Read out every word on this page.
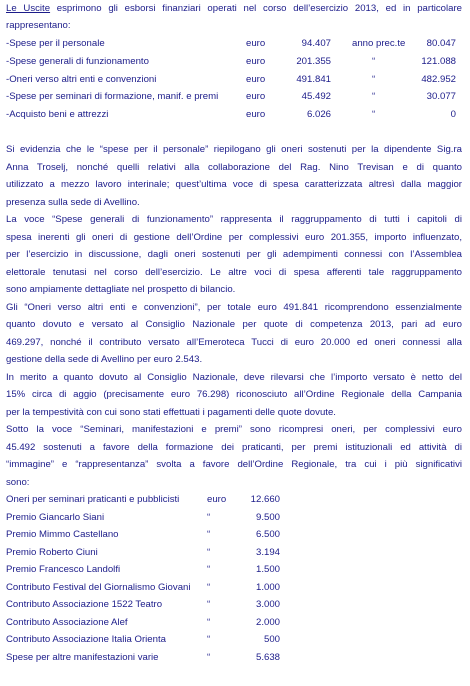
Le Uscite esprimono gli esborsi finanziari operati nel corso dell’esercizio 2013, ed in particolare
rappresentano:
-Spese per il personale	euro	94.407 anno prec.te	80.047
-Spese generali di funzionamento	euro	201.355	“	121.088
-Oneri verso altri enti e convenzioni	euro	491.841	“	482.952
-Spese per seminari di formazione, manif. e premi	euro	45.492	“	30.077
-Acquisto beni e attrezzi	euro	6.026	“	0
Si evidenzia che le “spese per il personale” riepilogano gli oneri sostenuti per la dipendente Sig.ra
Anna Troselj, nonché quelli relativi alla collaborazione del Rag. Nino Trevisan e di quanto
utilizzato a mezzo lavoro interinale; quest’ultima voce di spesa caratterizzata altresì dalla maggior
presenza sulla sede di Avellino.
La voce “Spese generali di funzionamento” rappresenta il raggruppamento di tutti i capitoli di
spesa inerenti gli oneri di gestione dell’Ordine per complessivi euro 201.355, importo influenzato,
per l’esercizio in discussione, dagli oneri sostenuti per gli adempimenti connessi con l’Assemblea
elettorale tenutasi nel corso dell’esercizio. Le altre voci di spesa afferenti tale raggruppamento
sono ampiamente dettagliate nel prospetto di bilancio.
Gli “Oneri verso altri enti e convenzioni”, per totale euro 491.841 ricomprendono essenzialmente
quanto dovuto e versato al Consiglio Nazionale per quote di competenza 2013, pari ad euro
469.297, nonché il contributo versato all’Emeroteca Tucci di euro 20.000 ed oneri connessi alla
gestione della sede di Avellino per euro 2.543.
In merito a quanto dovuto al Consiglio Nazionale, deve rilevarsi che l’importo versato è netto del
15% circa di aggio (precisamente euro 76.298) riconosciuto all’Ordine Regionale della Campania
per la tempestività con cui sono stati effettuati i pagamenti delle quote dovute.
Sotto la voce “Seminari, manifestazioni e premi” sono ricompresi oneri, per complessivi euro
45.492 sostenuti a favore della formazione dei praticanti, per premi istituzionali ed attività di
“immagine” e “rappresentanza” svolta a favore dell’Ordine Regionale, tra cui i più significativi
sono:
Oneri per seminari praticanti e pubblicisti	euro	12.660
Premio Giancarlo Siani	“	9.500
Premio Mimmo Castellano	“	6.500
Premio Roberto Ciuni	“	3.194
Premio Francesco Landolfi	“	1.500
Contributo Festival del Giornalismo Giovani “	1.000
Contributo Associazione 1522 Teatro	“	3.000
Contributo Associazione Alef	“	2.000
Contributo Associazione Italia Orienta	“	500
Spese per altre manifestazioni varie	“	5.638
